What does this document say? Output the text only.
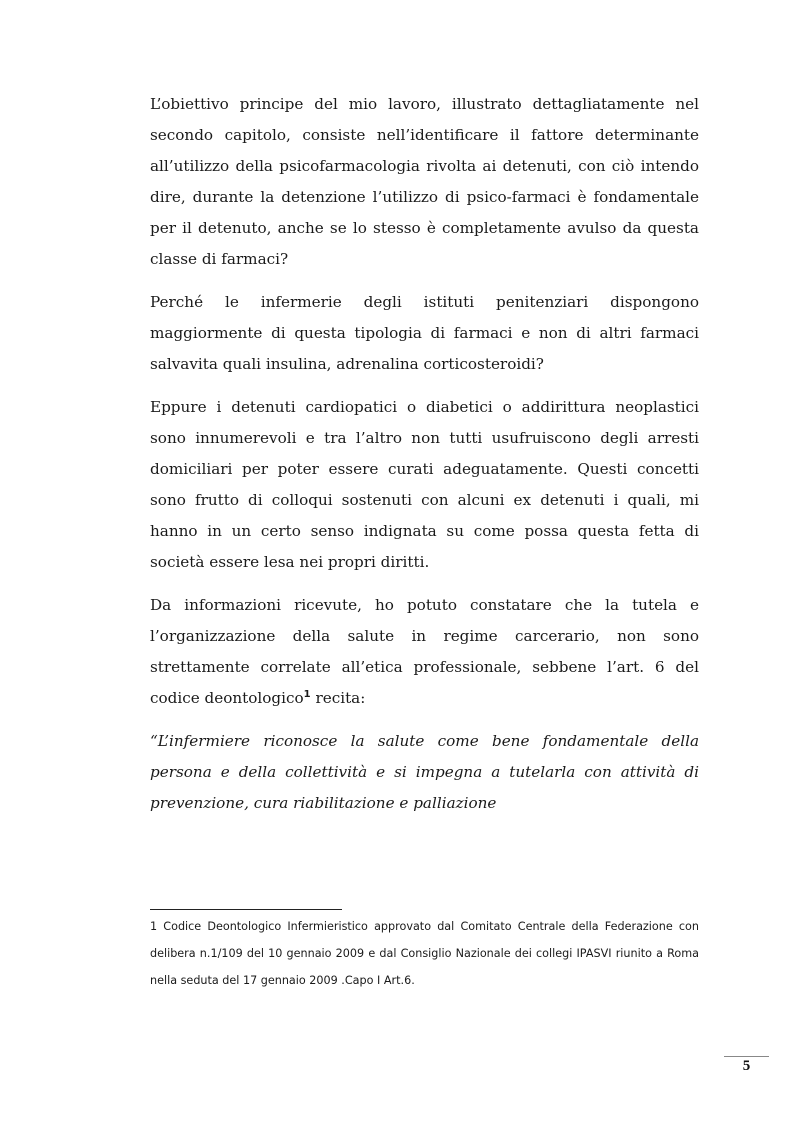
L’obiettivo principe del mio lavoro, illustrato dettagliatamente nel secondo capitolo, consiste nell’identificare il fattore determinante all’utilizzo della psicofarmacologia rivolta ai detenuti, con ciò intendo dire, durante la detenzione l’utilizzo di psico-farmaci è fondamentale per il detenuto, anche se lo stesso è completamente avulso da questa classe di farmaci?

Perché le infermerie degli istituti penitenziari dispongono maggiormente di questa tipologia di farmaci e non di altri farmaci salvavita quali insulina, adrenalina corticosteroidi?

Eppure i detenuti cardiopatici o diabetici o addirittura neoplastici sono innumerevoli e tra l’altro non tutti usufruiscono degli arresti domiciliari per poter essere curati adeguatamente. Questi concetti sono frutto di colloqui sostenuti con alcuni ex detenuti i quali, mi hanno in un certo senso indignata su come possa questa fetta di società essere lesa nei propri diritti.

Da informazioni ricevute, ho potuto constatare che la tutela e l’organizzazione della salute in regime carcerario, non sono strettamente correlate all’etica professionale, sebbene l’art. 6 del codice deontologico$^1$ recita:

“L’infermiere riconosce la salute come bene fondamentale della persona e della collettività e si impegna a tutelarla con attività di prevenzione, cura riabilitazione e palliazione

1 Codice Deontologico Infermieristico approvato dal Comitato Centrale della Federazione con delibera n.1/109 del 10 gennaio 2009 e dal Consiglio Nazionale dei collegi IPASVI riunito a Roma nella seduta del 17 gennaio 2009 .Capo I Art.6.

5
